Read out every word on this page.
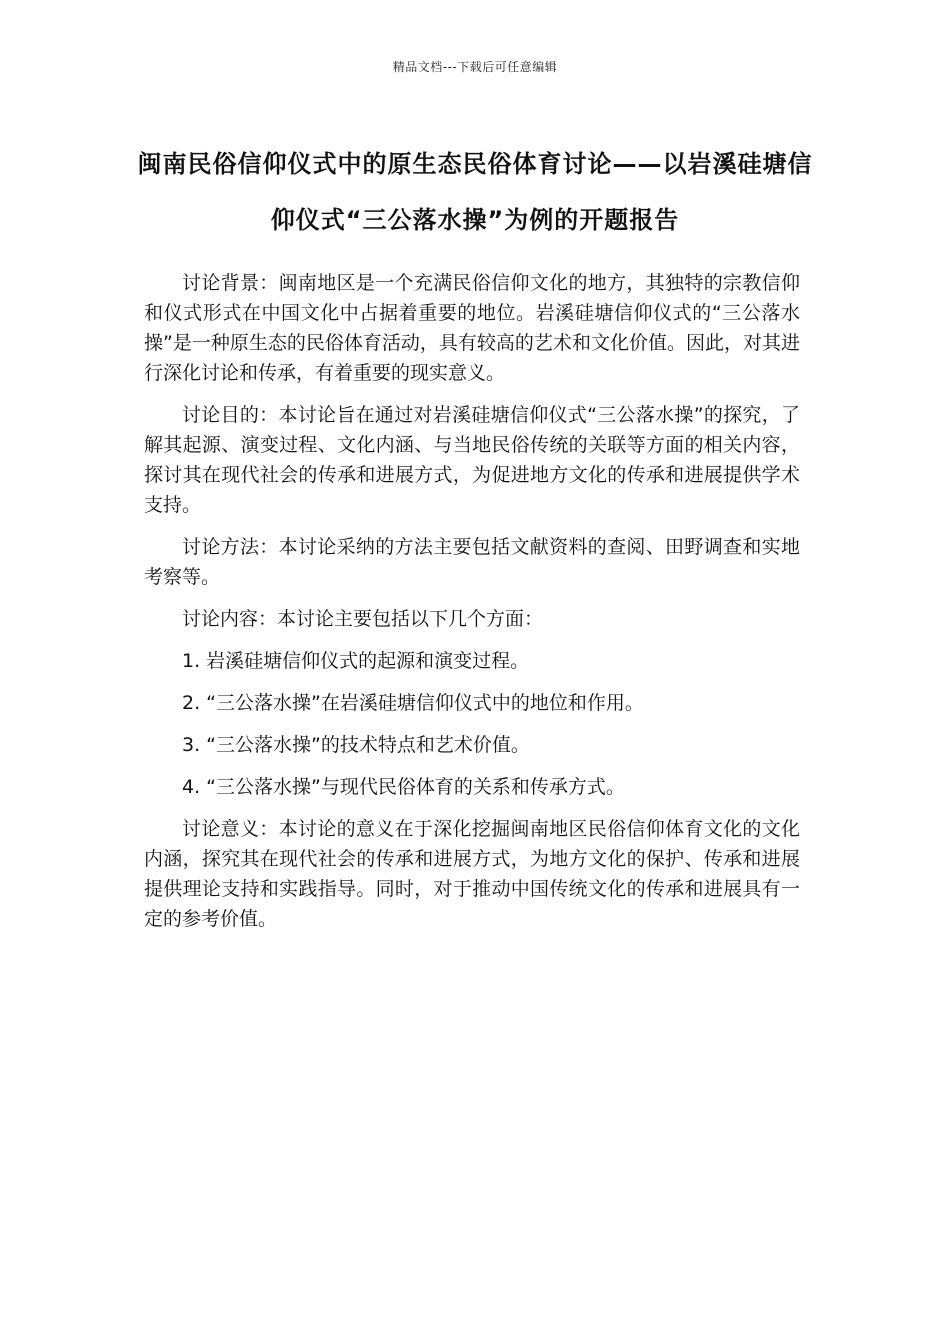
精品文档---下载后可任意编辑
闽南民俗信仰仪式中的原生态民俗体育讨论——以岩溪硅塘信仰仪式“三公落水操”为例的开题报告

讨论背景：闽南地区是一个充满民俗信仰文化的地方，其独特的宗教信仰和仪式形式在中国文化中占据着重要的地位。岩溪硅塘信仰仪式的“三公落水操”是一种原生态的民俗体育活动，具有较高的艺术和文化价值。因此，对其进行深化讨论和传承，有着重要的现实意义。

讨论目的：本讨论旨在通过对岩溪硅塘信仰仪式“三公落水操”的探究，了解其起源、演变过程、文化内涵、与当地民俗传统的关联等方面的相关内容，探讨其在现代社会的传承和进展方式，为促进地方文化的传承和进展提供学术支持。

讨论方法：本讨论采纳的方法主要包括文献资料的查阅、田野调查和实地考察等。

讨论内容：本讨论主要包括以下几个方面：

1. 岩溪硅塘信仰仪式的起源和演变过程。

2. “三公落水操”在岩溪硅塘信仰仪式中的地位和作用。

3. “三公落水操”的技术特点和艺术价值。

4. “三公落水操”与现代民俗体育的关系和传承方式。

讨论意义：本讨论的意义在于深化挖掘闽南地区民俗信仰体育文化的文化内涵，探究其在现代社会的传承和进展方式，为地方文化的保护、传承和进展提供理论支持和实践指导。同时，对于推动中国传统文化的传承和进展具有一定的参考价值。
